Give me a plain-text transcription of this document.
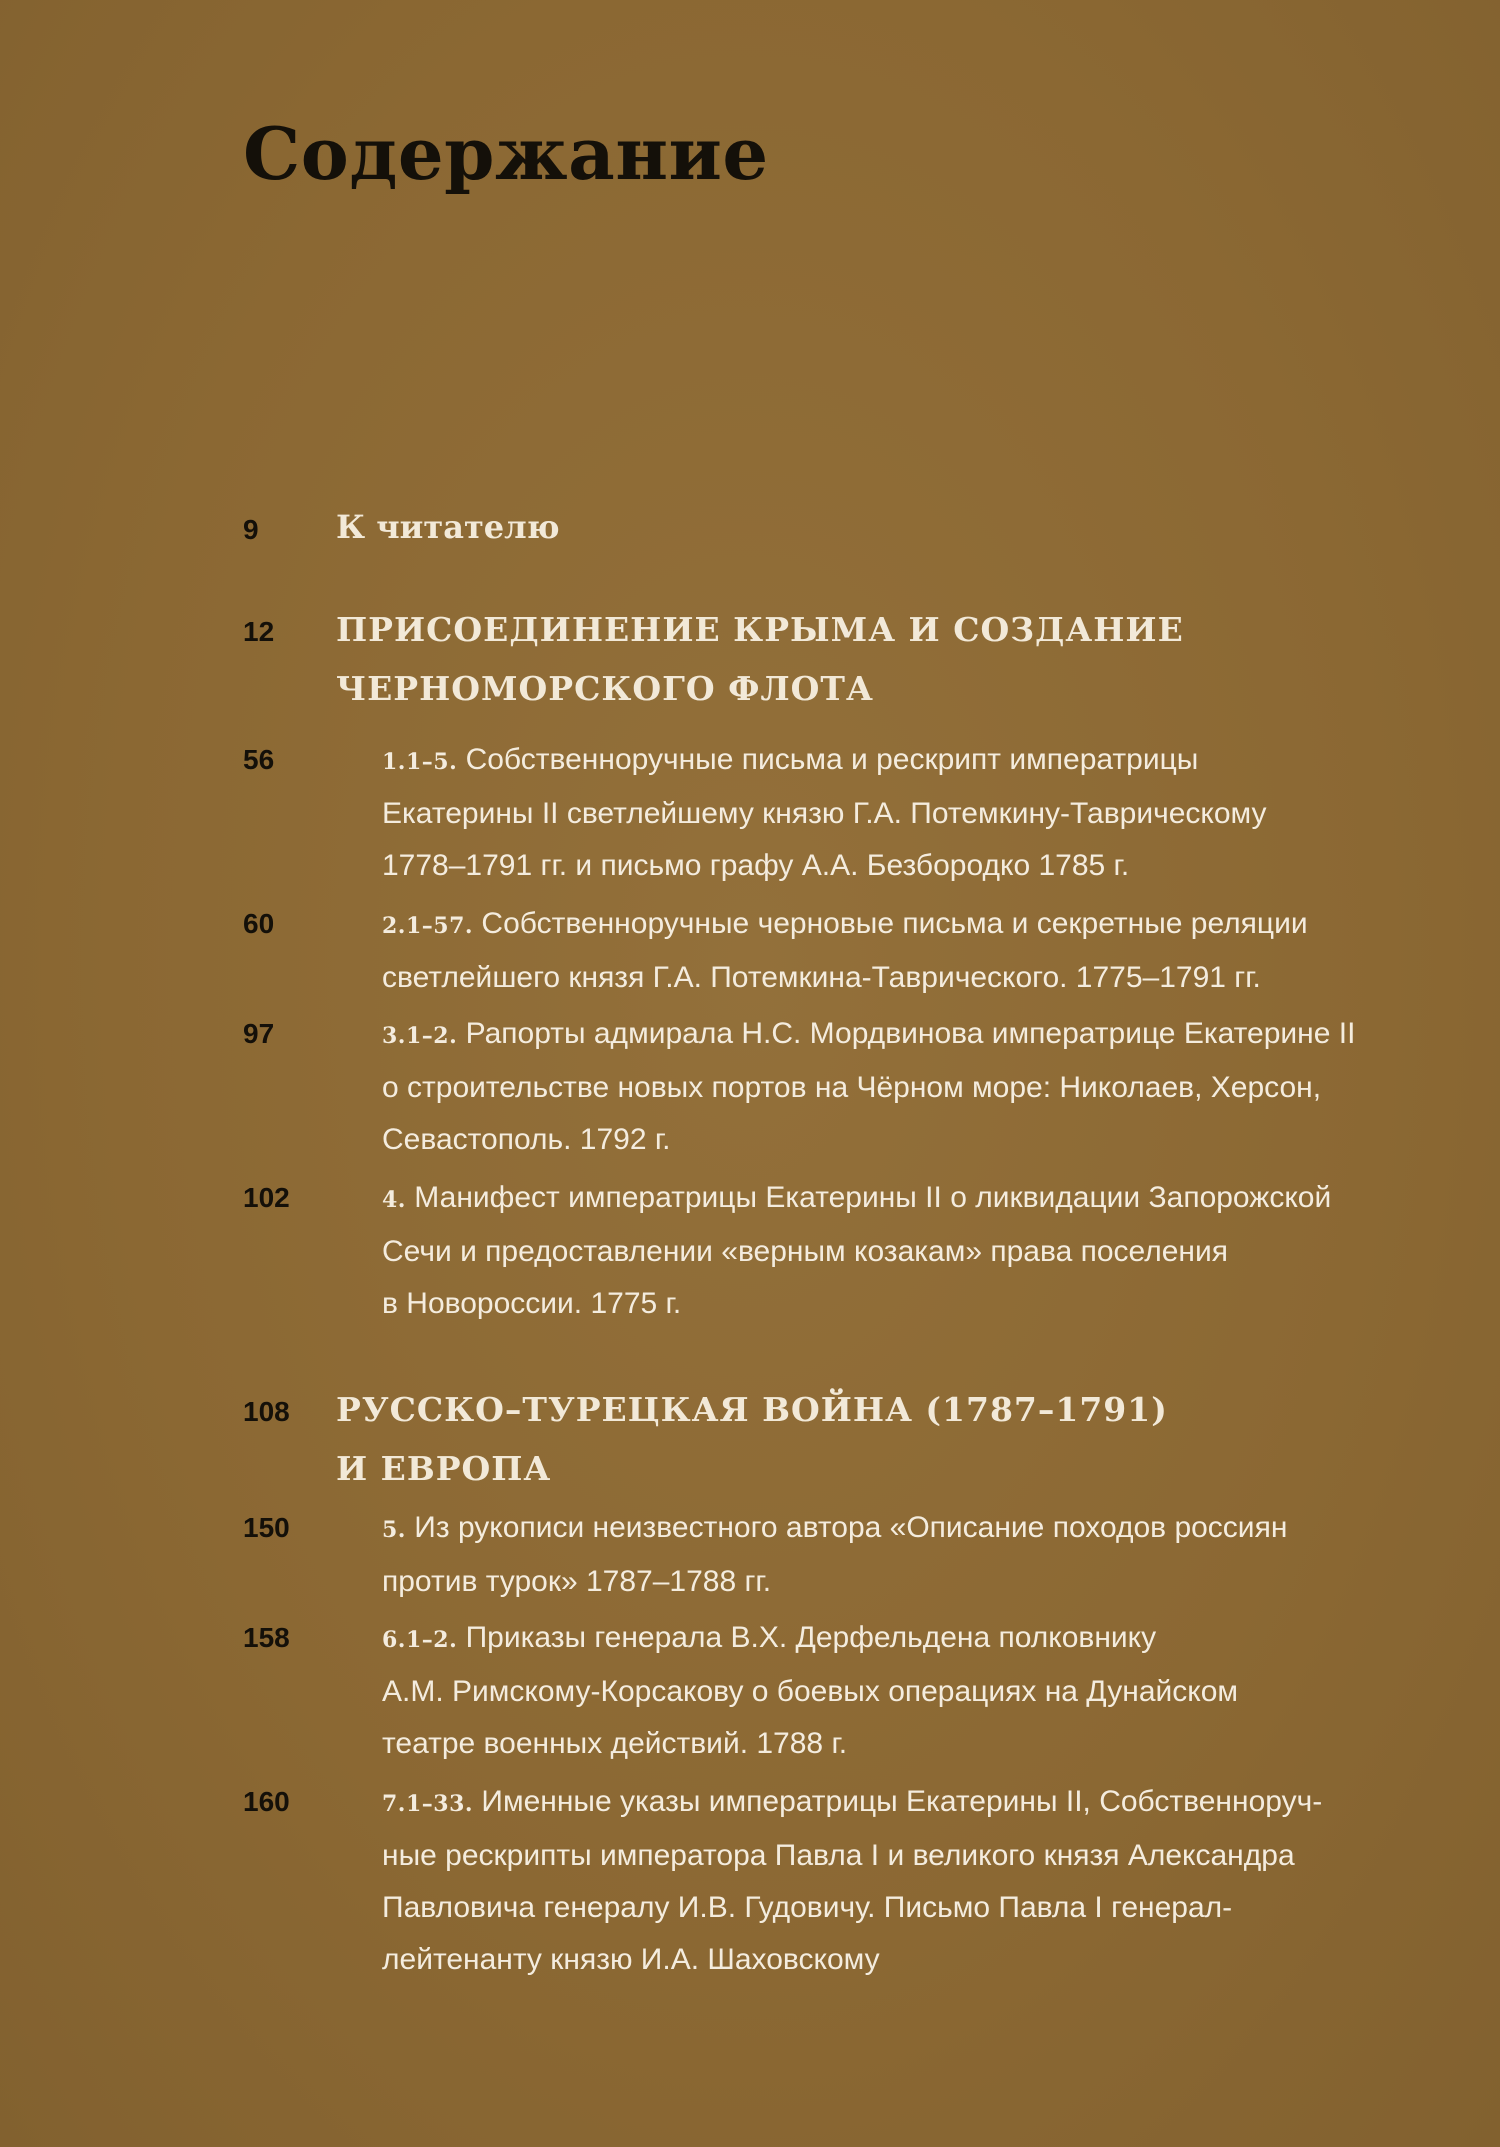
Содержание
9 К читателю
12 ПРИСОЕДИНЕНИЕ КРЫМА И СОЗДАНИЕ
ЧЕРНОМОРСКОГО ФЛОТА
56	1.1–5. Собственноручные письма и рескрипт императрицы
Екатерины II светлейшему князю Г.А. Потемкину-Таврическому
1778–1791 гг. и письмо графу А.А. Безбородко 1785 г.
60	2.1–57. Собственноручные черновые письма и секретные реляции
светлейшего князя Г.А. Потемкина-Таврического. 1775–1791 гг.
97	3.1–2. Рапорты адмирала Н.С. Мордвинова императрице Екатерине II
о строительстве новых портов на Чёрном море: Николаев, Херсон,
Севастополь. 1792 г.
102	4. Манифест императрицы Екатерины II о ликвидации Запорожской
Сечи и предоставлении «верным козакам» права поселения
в Новороссии. 1775 г.
108 РУССКО–ТУРЕЦКАЯ ВОЙНА (1787–1791)
И ЕВРОПА
150	5. Из рукописи неизвестного автора «Описание походов россиян
против турок» 1787–1788 гг.
158	6.1–2. Приказы генерала В.Х. Дерфельдена полковнику
А.М. Римскому-Корсакову о боевых операциях на Дунайском
театре военных действий. 1788 г.
160	7.1–33. Именные указы императрицы Екатерины II, Собственноруч-
ные рескрипты императора Павла I и великого князя Александра
Павловича генералу И.В. Гудовичу. Письмо Павла I генерал-
лейтенанту князю И.А. Шаховскому
